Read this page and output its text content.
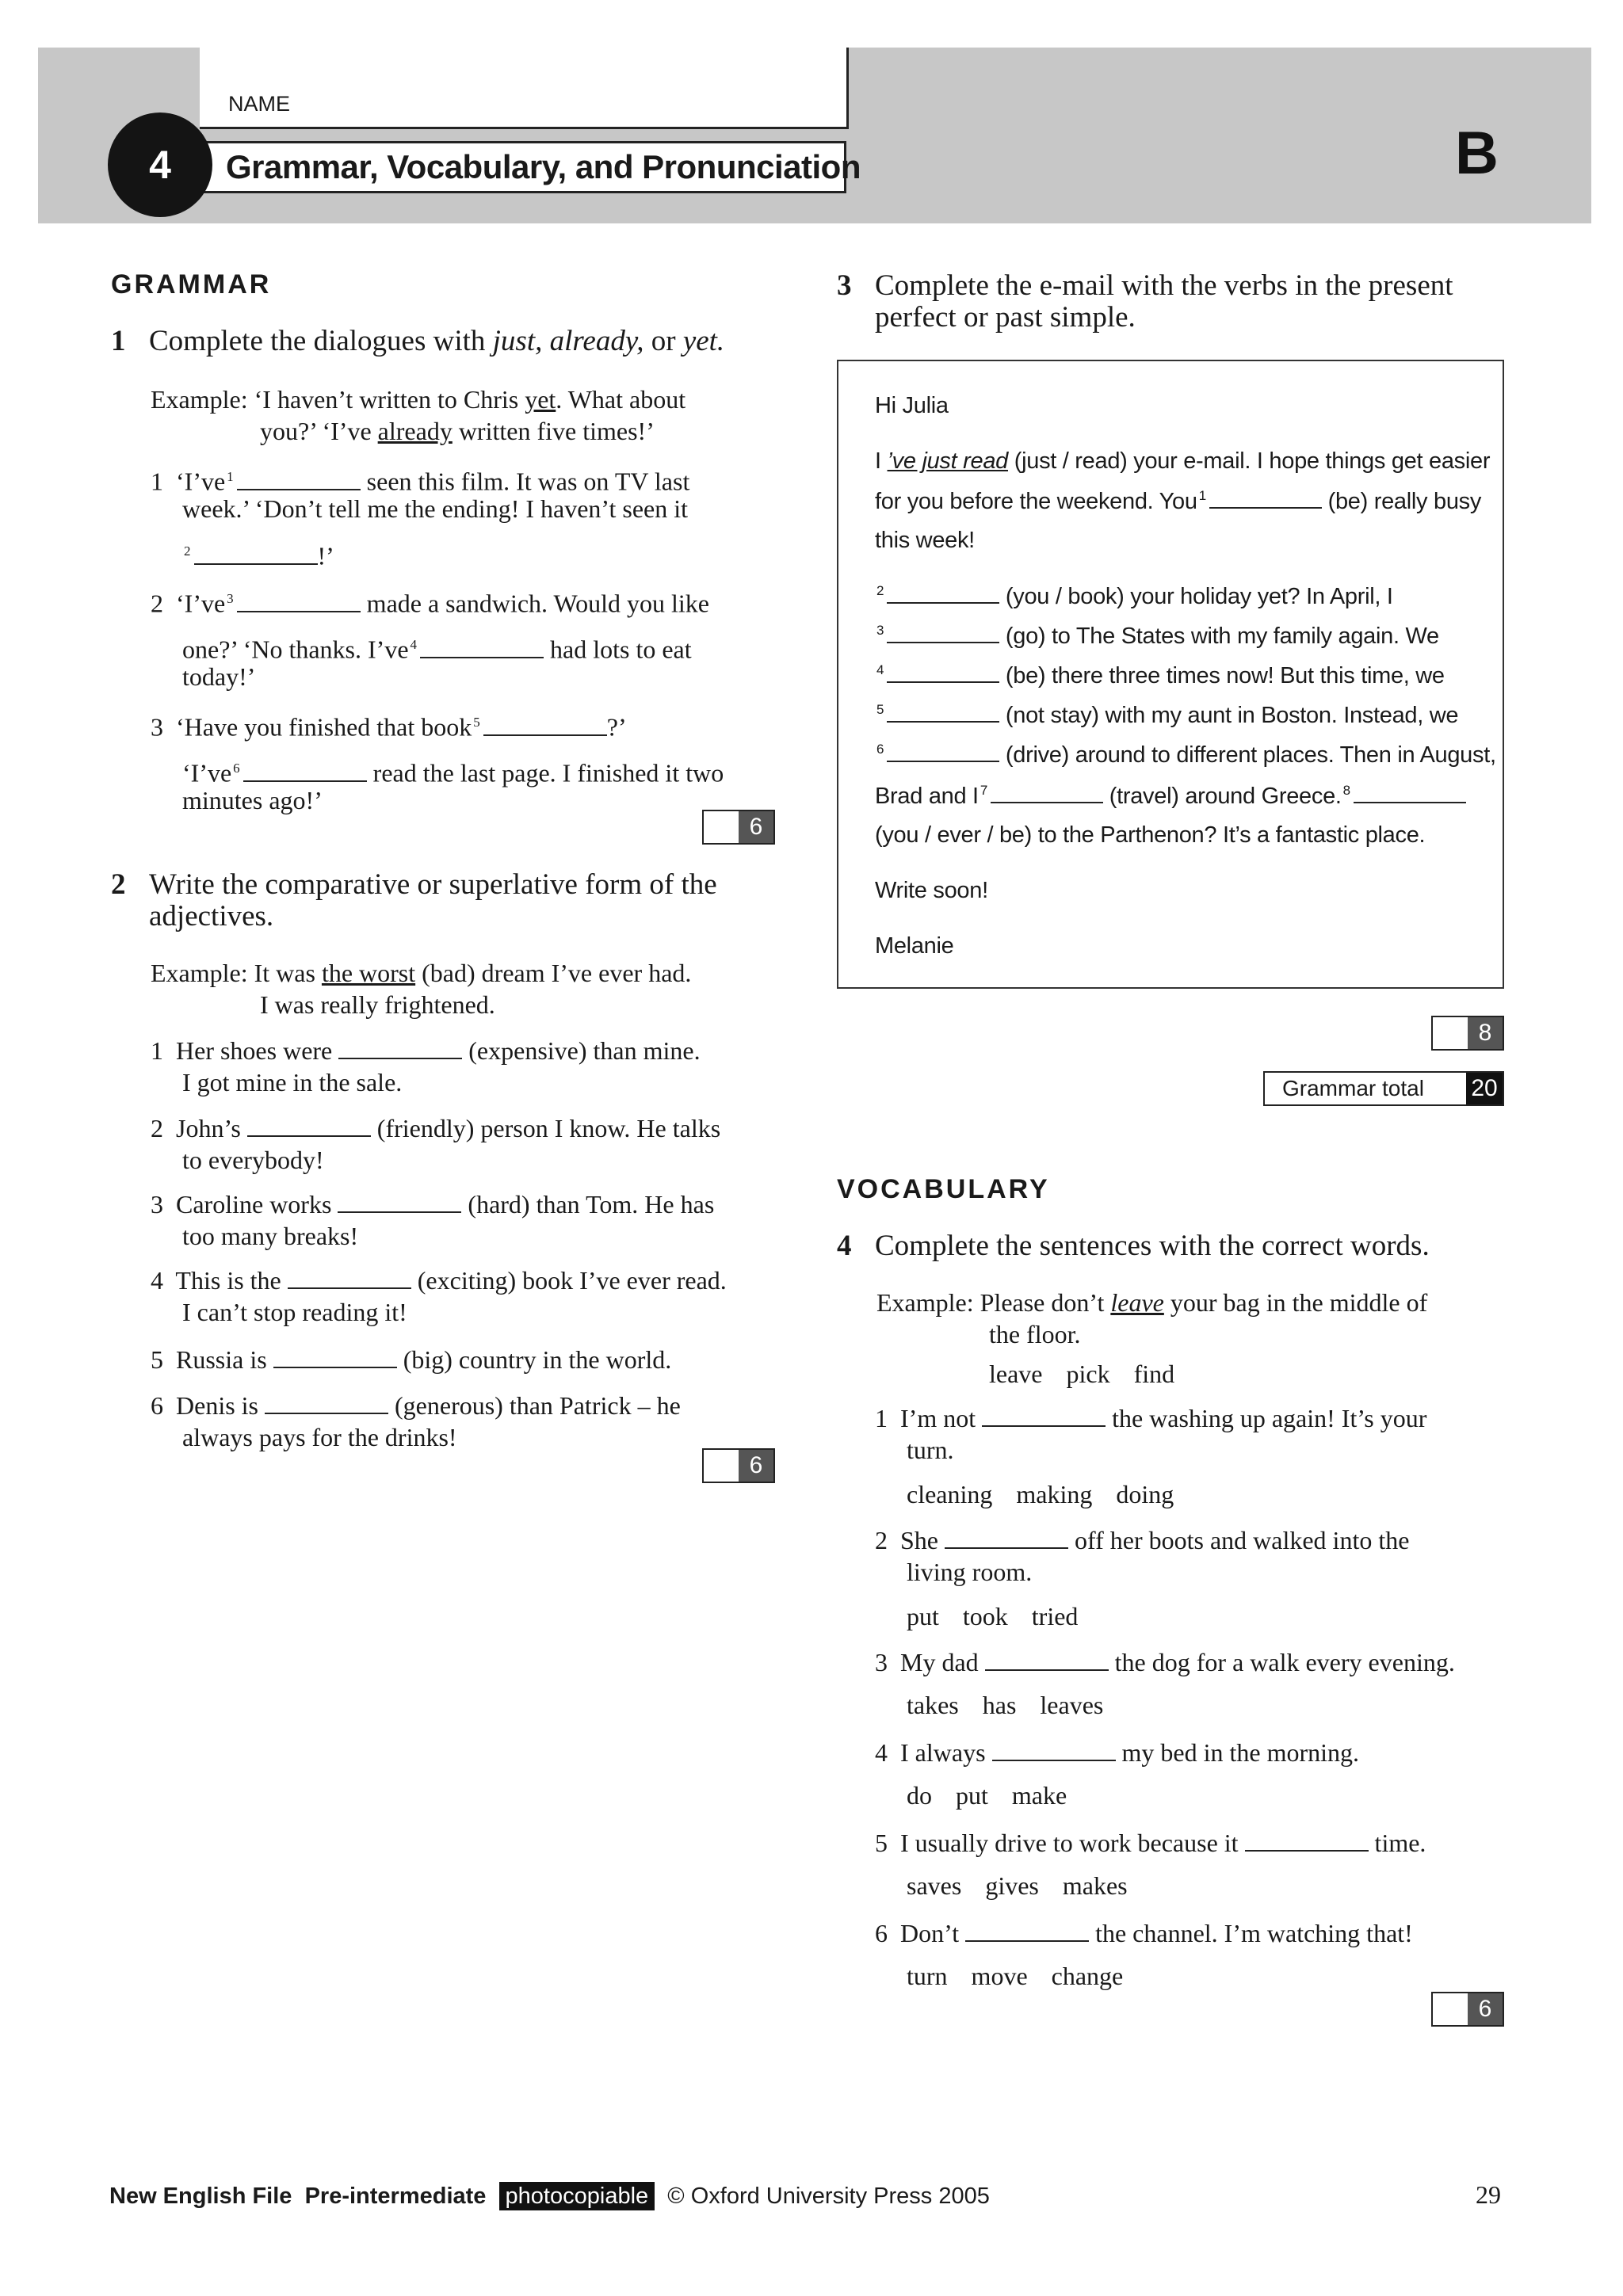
NAME
Grammar, Vocabulary, and Pronunciation
4	B
GRAMMAR
1 Complete the dialogues with just, already, or yet.
Example: ‘I haven’t written to Chris yet. What about
you?’ ‘I’ve already written five times!’
1 ‘I’ve $^1$	seen this film. It was on TV last
week.’ ‘Don’t tell me the ending! I haven’t seen it
$^2$	!’
2 ‘I’ve $^3$	made a sandwich. Would you like
one?’ ‘No thanks. I’ve $^4$	had lots to eat
today!’
3 ‘Have you finished that book $^5$	?’
‘I’ve $^6$	read the last page. I finished it two
minutes ago!’
6
2 Write the comparative or superlative form of the
adjectives.
Example: It was the worst (bad) dream I’ve ever had.
I was really frightened.
1 Her shoes were	(expensive) than mine.
I got mine in the sale.
2 John’s	(friendly) person I know. He talks
to everybody!
3 Caroline works	(hard) than Tom. He has
too many breaks!
4 This is the	(exciting) book I’ve ever read.
I can’t stop reading it!
5 Russia is	(big) country in the world.
6 Denis is	(generous) than Patrick – he
always pays for the drinks!
6
3 Complete the e-mail with the verbs in the present
perfect or past simple.
Hi Julia
I ’ve just read (just / read) your e-mail. I hope things get easier
for you before the weekend. You $^1$	(be) really busy
this week!
$^2$	(you / book) your holiday yet? In April, I
$^3$	(go) to The States with my family again. We
$^4$	(be) there three times now! But this time, we
$^5$	(not stay) with my aunt in Boston. Instead, we
$^6$	(drive) around to different places. Then in August,
Brad and I $^7$	(travel) around Greece. $^8$
(you / ever / be) to the Parthenon? It’s a fantastic place.
Write soon!
Melanie
8
Grammar total 20
VOCABULARY
4 Complete the sentences with the correct words.
Example: Please don’t leave your bag in the middle of
the floor.
leave pick find
1 I’m not	the washing up again! It’s your
turn.
cleaning making doing
2 She	off her boots and walked into the
living room.
put took tried
3 My dad	the dog for a walk every evening.
takes has leaves
4 I always	my bed in the morning.
do put make
5 I usually drive to work because it	time.
saves gives makes
6 Don’t	the channel. I’m watching that!
turn move change
6
New English File Pre-intermediate photocopiable © Oxford University Press 2005	29
